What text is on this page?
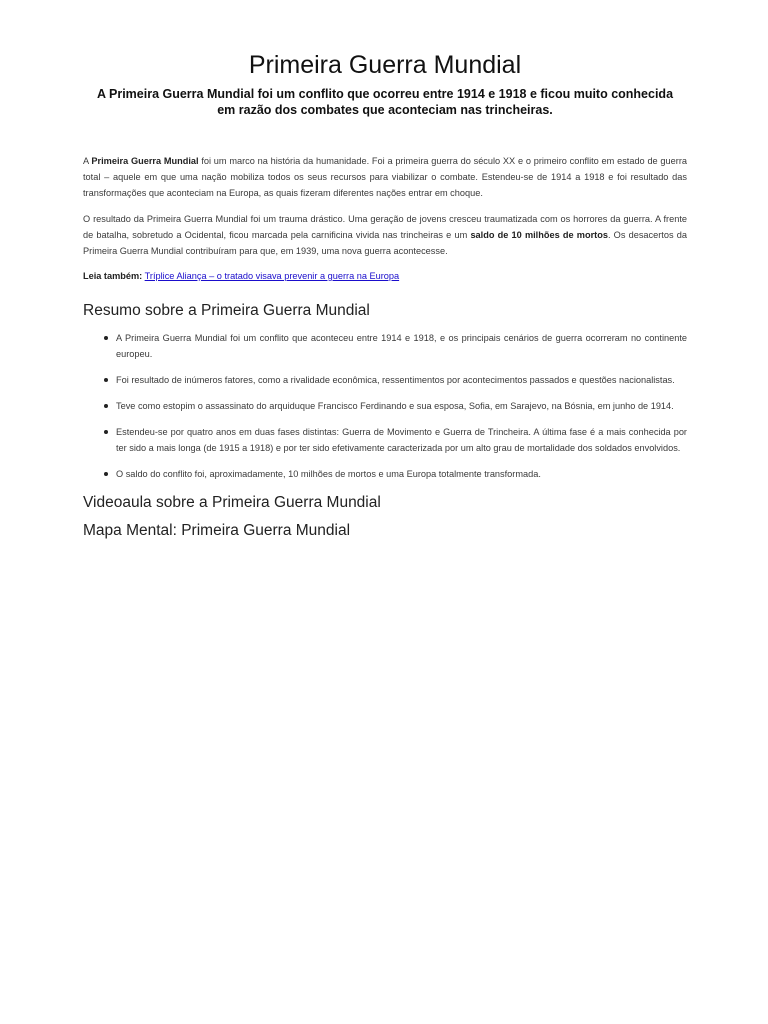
Primeira Guerra Mundial

A Primeira Guerra Mundial foi um conflito que ocorreu entre 1914 e 1918 e ficou muito conhecida em razão dos combates que aconteciam nas trincheiras.

A Primeira Guerra Mundial foi um marco na história da humanidade. Foi a primeira guerra do século XX e o primeiro conflito em estado de guerra total – aquele em que uma nação mobiliza todos os seus recursos para viabilizar o combate. Estendeu-se de 1914 a 1918 e foi resultado das transformações que aconteciam na Europa, as quais fizeram diferentes nações entrar em choque.

O resultado da Primeira Guerra Mundial foi um trauma drástico. Uma geração de jovens cresceu traumatizada com os horrores da guerra. A frente de batalha, sobretudo a Ocidental, ficou marcada pela carnificina vivida nas trincheiras e um saldo de 10 milhões de mortos. Os desacertos da Primeira Guerra Mundial contribuíram para que, em 1939, uma nova guerra acontecesse.

Leia também: Tríplice Aliança – o tratado visava prevenir a guerra na Europa
Resumo sobre a Primeira Guerra Mundial
A Primeira Guerra Mundial foi um conflito que aconteceu entre 1914 e 1918, e os principais cenários de guerra ocorreram no continente europeu.
Foi resultado de inúmeros fatores, como a rivalidade econômica, ressentimentos por acontecimentos passados e questões nacionalistas.
Teve como estopim o assassinato do arquiduque Francisco Ferdinando e sua esposa, Sofia, em Sarajevo, na Bósnia, em junho de 1914.
Estendeu-se por quatro anos em duas fases distintas: Guerra de Movimento e Guerra de Trincheira. A última fase é a mais conhecida por ter sido a mais longa (de 1915 a 1918) e por ter sido efetivamente caracterizada por um alto grau de mortalidade dos soldados envolvidos.
O saldo do conflito foi, aproximadamente, 10 milhões de mortos e uma Europa totalmente transformada.
Videoaula sobre a Primeira Guerra Mundial
Mapa Mental: Primeira Guerra Mundial
